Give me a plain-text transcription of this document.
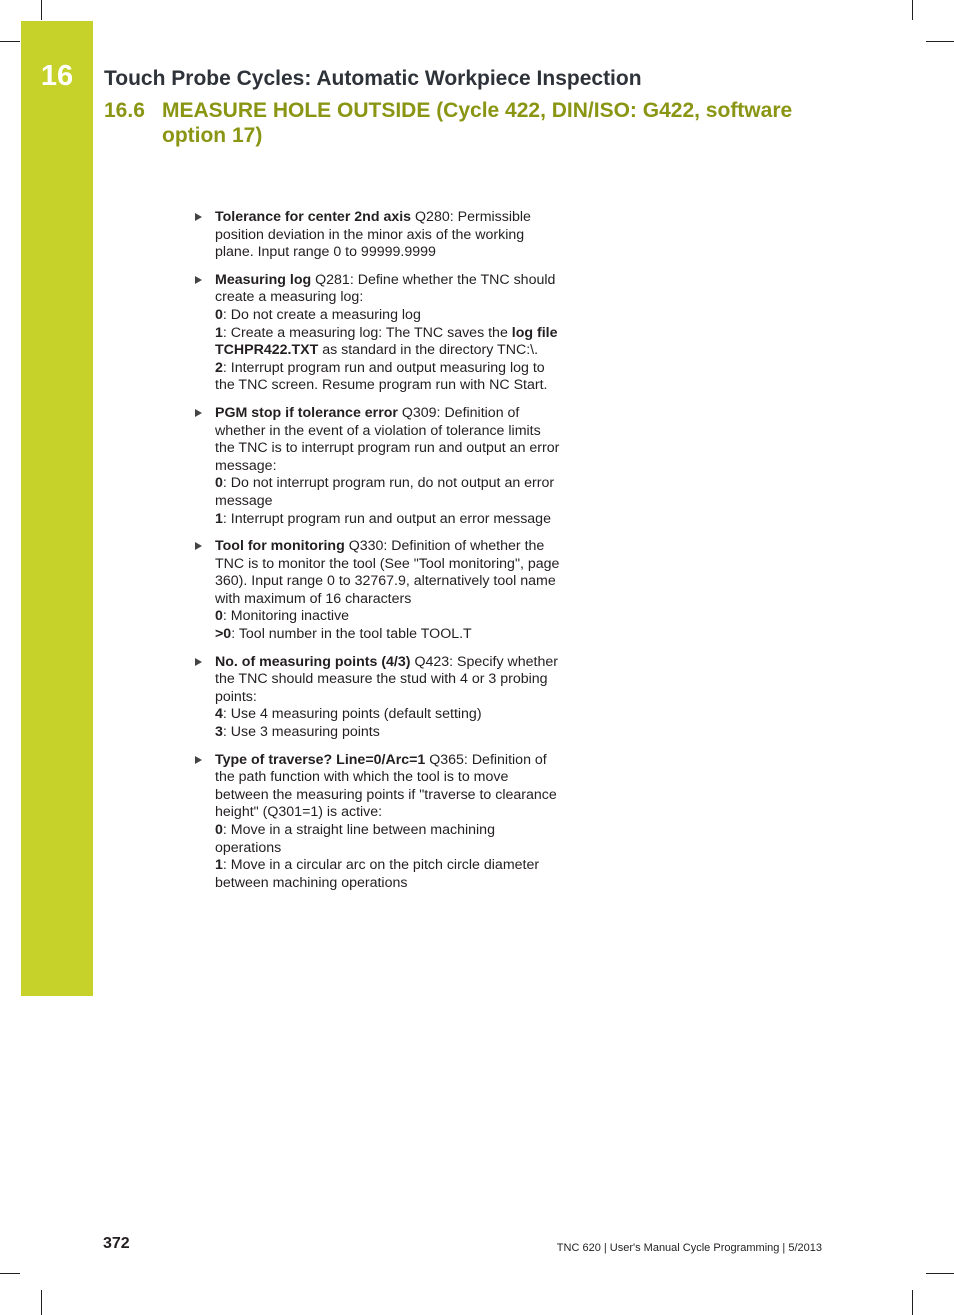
16	Touch Probe Cycles: Automatic Workpiece Inspection
16.6 MEASURE HOLE OUTSIDE (Cycle 422, DIN/ISO: G422, software option 17)
Tolerance for center 2nd axis Q280: Permissible position deviation in the minor axis of the working plane. Input range 0 to 99999.9999
Measuring log Q281: Define whether the TNC should create a measuring log:
0: Do not create a measuring log
1: Create a measuring log: The TNC saves the log file TCHPR422.TXT as standard in the directory TNC:\.
2: Interrupt program run and output measuring log to the TNC screen. Resume program run with NC Start.
PGM stop if tolerance error Q309: Definition of whether in the event of a violation of tolerance limits the TNC is to interrupt program run and output an error message:
0: Do not interrupt program run, do not output an error message
1: Interrupt program run and output an error message
Tool for monitoring Q330: Definition of whether the TNC is to monitor the tool (See "Tool monitoring", page 360). Input range 0 to 32767.9, alternatively tool name with maximum of 16 characters
0: Monitoring inactive
>0: Tool number in the tool table TOOL.T
No. of measuring points (4/3) Q423: Specify whether the TNC should measure the stud with 4 or 3 probing points:
4: Use 4 measuring points (default setting)
3: Use 3 measuring points
Type of traverse? Line=0/Arc=1 Q365: Definition of the path function with which the tool is to move between the measuring points if "traverse to clearance height" (Q301=1) is active:
0: Move in a straight line between machining operations
1: Move in a circular arc on the pitch circle diameter between machining operations
372	TNC 620 | User's Manual Cycle Programming | 5/2013
